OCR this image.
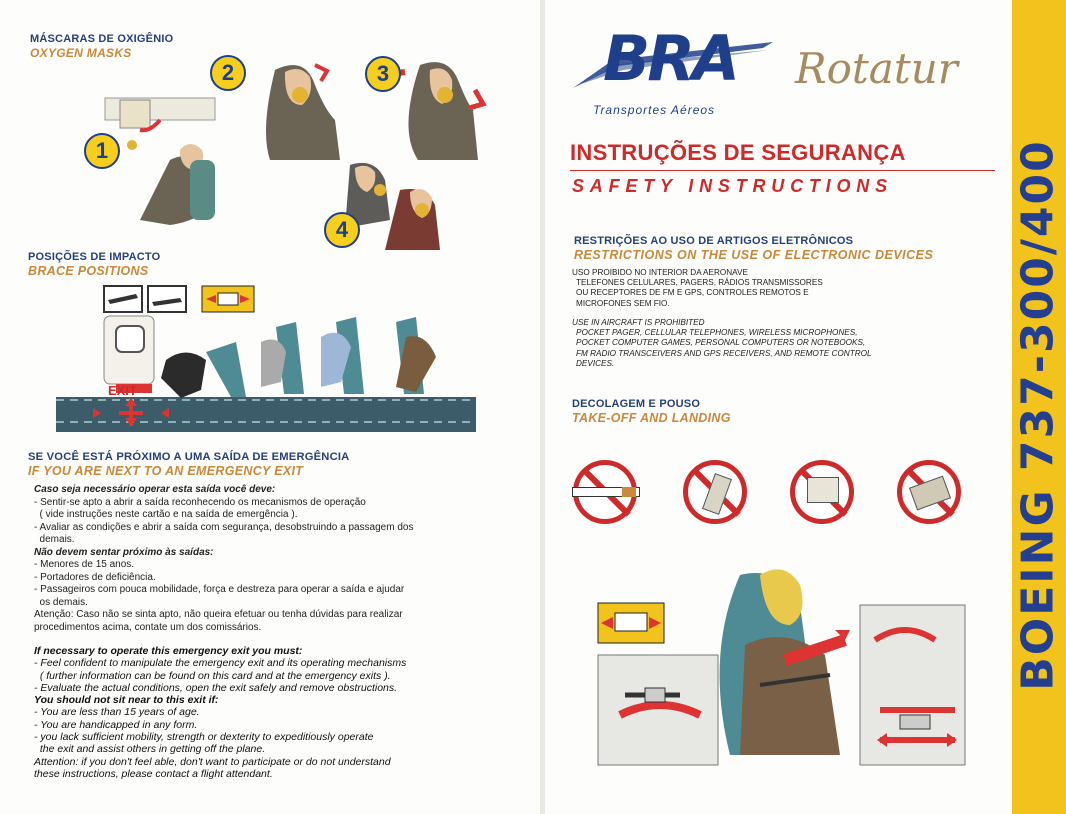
MÁSCARAS DE OXIGÊNIO
OXYGEN MASKS
1
2	3
4
POSIÇÕES DE IMPACTO
BRACE POSITIONS
EXIT
SE VOCÊ ESTÁ PRÓXIMO A UMA SAÍDA DE EMERGÊNCIA
IF YOU ARE NEXT TO AN EMERGENCY EXIT
Caso seja necessário operar esta saída você deve:
- Sentir-se apto a abrir a saída reconhecendo os mecanismos de operação
( vide instruções neste cartão e na saída de emergência ).
- Avaliar as condições e abrir a saída com segurança, desobstruindo a passagem dos
demais.
Não devem sentar próximo às saídas:
- Menores de 15 anos.
- Portadores de deficiência.
- Passageiros com pouca mobilidade, força e destreza para operar a saída e ajudar
os demais.
Atenção: Caso não se sinta apto, não queira efetuar ou tenha dúvidas para realizar
procedimentos acima, contate um dos comissários.
If necessary to operate this emergency exit you must:
- Feel confident to manipulate the emergency exit and its operating mechanisms
( further information can be found on this card and at the emergency exits ).
- Evaluate the actual conditions, open the exit safely and remove obstructions.
You should not sit near to this exit if:
- You are less than 15 years of age.
- You are handicapped in any form.
- you lack sufficient mobility, strength or dexterity to expeditiously operate
the exit and assist others in getting off the plane.
Attention: if you don't feel able, don't want to participate or do not understand
these instructions, please contact a flight attendant.
BRA
Transportes Aéreos
Rotatur
INSTRUÇÕES DE SEGURANÇA
SAFETY INSTRUCTIONS
RESTRIÇÕES AO USO DE ARTIGOS ELETRÔNICOS
RESTRICTIONS ON THE USE OF ELECTRONIC DEVICES
USO PROIBIDO NO INTERIOR DA AERONAVE
TELEFONES CELULARES, PAGERS, RÁDIOS TRANSMISSORES
OU RECEPTORES DE FM E GPS, CONTROLES REMOTOS E
MICROFONES SEM FIO.
USE IN AIRCRAFT IS PROHIBITED
POCKET PAGER, CELLULAR TELEPHONES, WIRELESS MICROPHONES,
POCKET COMPUTER GAMES, PERSONAL COMPUTERS OR NOTEBOOKS,
FM RADIO TRANSCEIVERS AND GPS RECEIVERS, AND REMOTE CONTROL
DEVICES.
DECOLAGEM E POUSO
TAKE-OFF AND LANDING	BOEING 737-300/400
